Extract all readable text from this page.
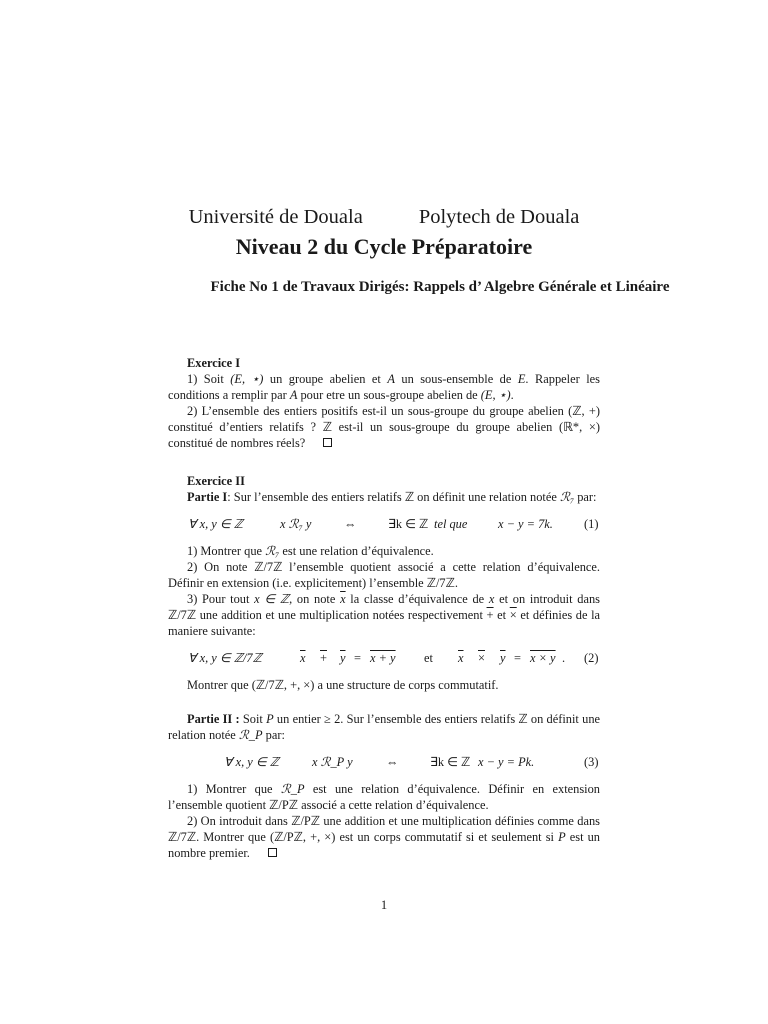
Université de Douala	Polytech de Douala
Niveau 2 du Cycle Préparatoire
Fiche No 1 de Travaux Dirigés: Rappels d’ Algebre Générale et Linéaire
Exercice I
1) Soit (E, ⋆) un groupe abelien et A un sous-ensemble de E. Rappeler les conditions a remplir par A pour etre un sous-groupe abelien de (E, ⋆).
2) L’ensemble des entiers positifs est-il un sous-groupe du groupe abelien (ℤ, +) constitué d’entiers relatifs ? ℤ est-il un sous-groupe du groupe abelien (ℝ*, ×) constitué de nombres réels?
Exercice II
Partie I: Sur l’ensemble des entiers relatifs ℤ on définit une relation notée ℛ₇ par:
∀ x, y ∈ ℤ	x ℛ₇ y	⇔	∃k ∈ ℤ tel que x − y = 7k.	(1)
1) Montrer que ℛ₇ est une relation d’équivalence.
2) On note ℤ/7ℤ l’ensemble quotient associé a cette relation d’équivalence. Définir en extension (i.e. explicitement) l’ensemble ℤ/7ℤ.
3) Pour tout x ∈ ℤ, on note $\overline{x}$ la classe d’équivalence de x et on introduit dans ℤ/7ℤ une addition et une multiplication notées respectivement + et × et définies de la maniere suivante:
∀ x, y ∈ ℤ/7ℤ	$\overline{x} + \overline{y} = x + y$ et $\overline{x} \times \overline{y} = x \times y$ . (2)
Montrer que (ℤ/7ℤ, +, ×) a une structure de corps commutatif.
Partie II : Soit P un entier ≥ 2. Sur l’ensemble des entiers relatifs ℤ on définit une relation notée ℛ_P par:
∀ x, y ∈ ℤ	x ℛ_P y	⇔	∃k ∈ ℤ x − y = Pk.	(3)
1) Montrer que ℛ_P est une relation d’équivalence. Définir en extension l’ensemble quotient ℤ/Pℤ associé a cette relation d’équivalence.
2) On introduit dans ℤ/Pℤ une addition et une multiplication définies comme dans ℤ/7ℤ. Montrer que (ℤ/Pℤ, +, ×) est un corps commutatif si et seulement si P est un nombre premier.
1
